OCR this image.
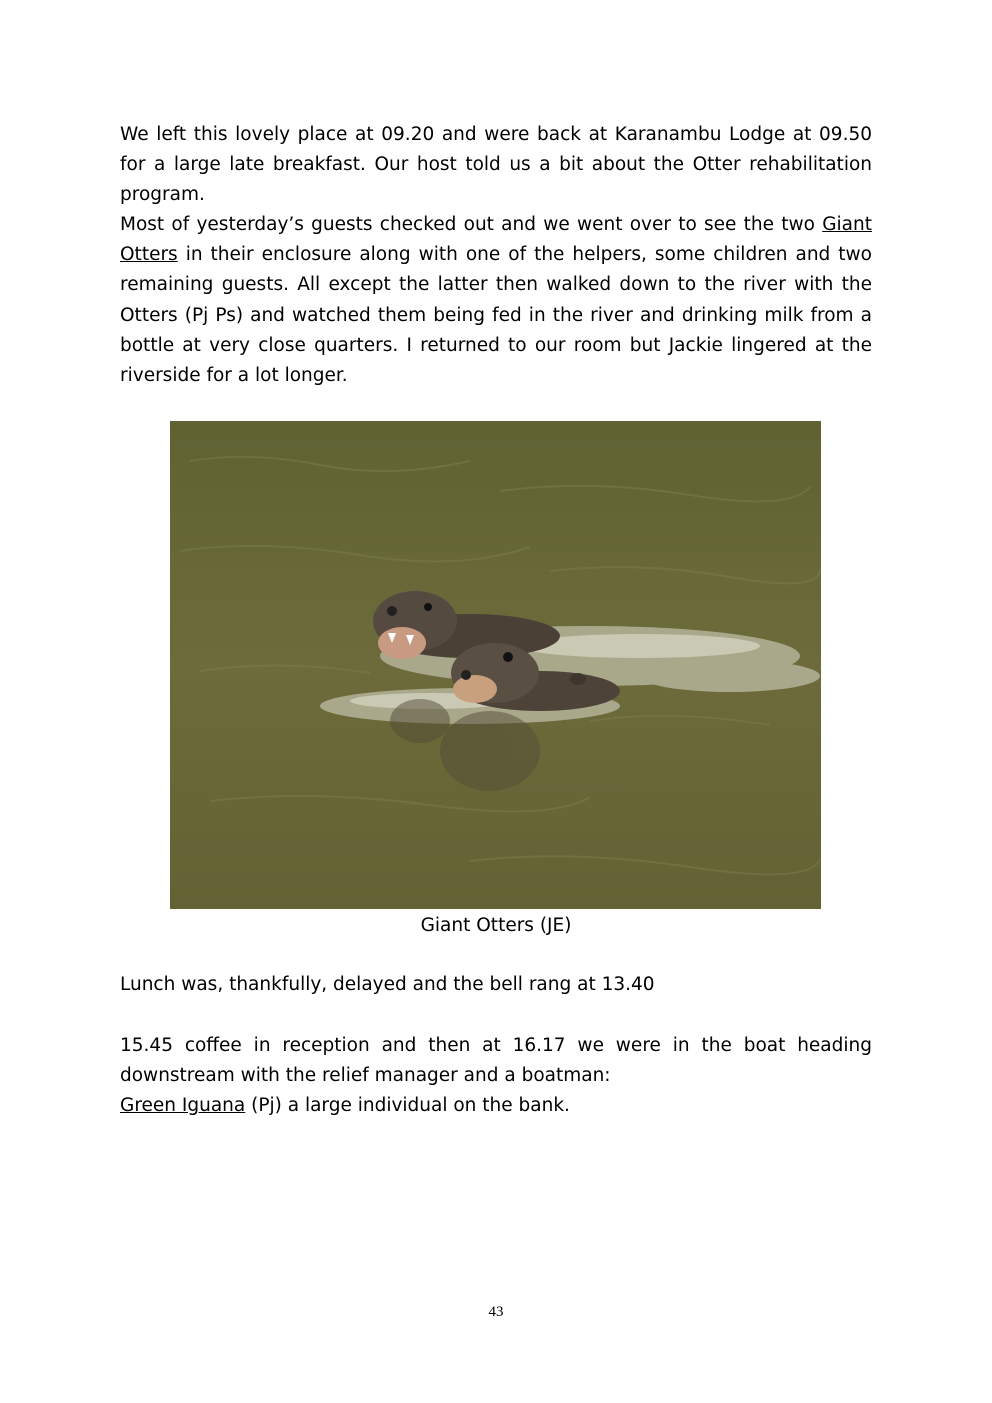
We left this lovely place at 09.20 and were back at Karanambu Lodge at 09.50
for a large late breakfast. Our host told us a bit about the Otter rehabilitation
program.
Most of yesterday’s guests checked out and we went over to see the two Giant
Otters in their enclosure along with one of the helpers, some children and two
remaining guests. All except the latter then walked down to the river with the
Otters (Pj Ps) and watched them being fed in the river and drinking milk from a
bottle at very close quarters. I returned to our room but Jackie lingered at the
riverside for a lot longer.
Giant Otters (JE)
Lunch was, thankfully, delayed and the bell rang at 13.40
15.45 coffee in reception and then at 16.17 we were in the boat heading
downstream with the relief manager and a boatman:
Green Iguana (Pj) a large individual on the bank.
43
